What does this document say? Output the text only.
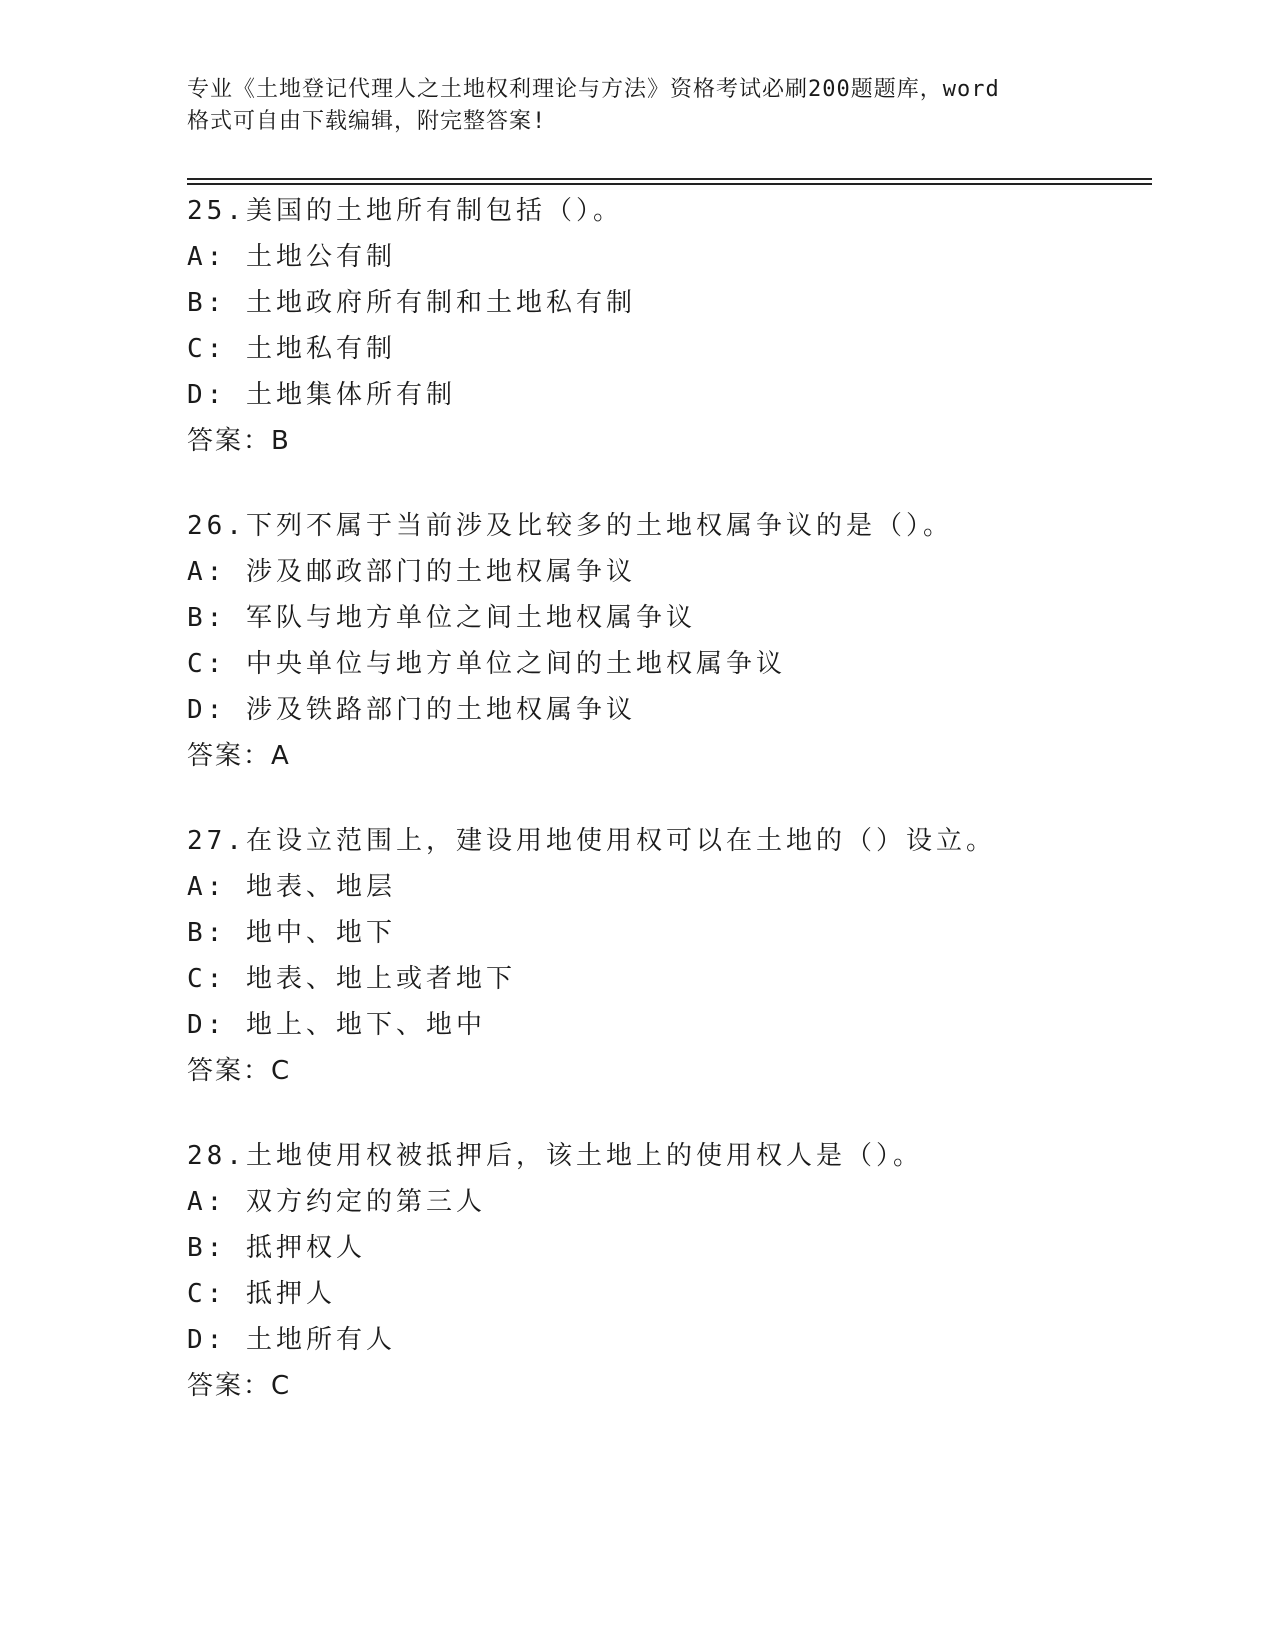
专业《土地登记代理人之土地权利理论与方法》资格考试必刷200题题库，word
格式可自由下载编辑，附完整答案!
25.美国的土地所有制包括（）。
A: 土地公有制
B: 土地政府所有制和土地私有制
C: 土地私有制
D: 土地集体所有制
答案：B
26.下列不属于当前涉及比较多的土地权属争议的是（）。
A: 涉及邮政部门的土地权属争议
B: 军队与地方单位之间土地权属争议
C: 中央单位与地方单位之间的土地权属争议
D: 涉及铁路部门的土地权属争议
答案：A
27.在设立范围上，建设用地使用权可以在土地的（）设立。
A: 地表、地层
B: 地中、地下
C: 地表、地上或者地下
D: 地上、地下、地中
答案：C
28.土地使用权被抵押后，该土地上的使用权人是（）。
A: 双方约定的第三人
B: 抵押权人
C: 抵押人
D: 土地所有人
答案：C
